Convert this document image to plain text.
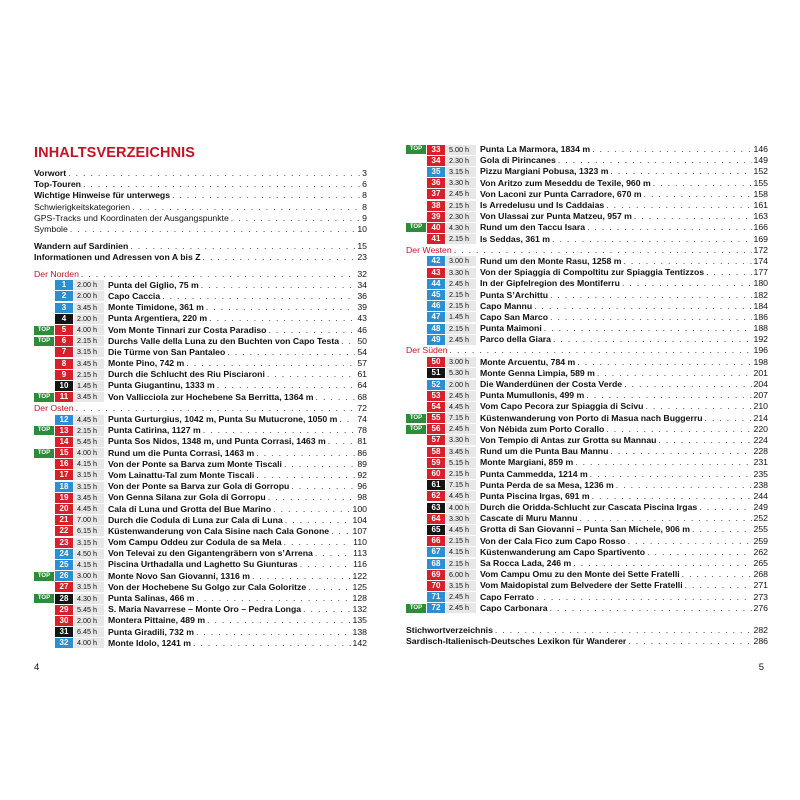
INHALTSVERZEICHNIS
Vorwort . . .	3
Top-Touren . . .	6
Wichtige Hinweise für unterwegs . . .	8
Schwierigkeitskategorien . . .	8
GPS-Tracks und Koordinaten der Ausgangspunkte . . .	9
Symbole . . .	10
Wandern auf Sardinien . . .	15
Informationen und Adressen von A bis Z . . .	23
Der Norden . . .	32
1	2.00 h	Punta del Giglio, 75 m . . .	34
2	2.00 h	Capo Caccia . . .	36
3	3.45 h	Monte Timidone, 361 m . . .	39
4	2.00 h	Punta Argentiera, 220 m . . .	43
TOP	5	4.00 h	Vom Monte Tinnari zur Costa Paradiso . . .	46
TOP	6	2.15 h	Durchs Valle della Luna zu den Buchten von Capo Testa . . . 50
7	3.15 h	Die Türme von San Pantaleo . . .	54
8	3.45 h	Monte Pino, 742 m . . .	57
9	2.15 h	Durch die Schlucht des Riu Pisciaroni . . .	61
10	1.45 h	Punta Giugantinu, 1333 m . . .	64
TOP	11	3.45 h	Von Vallicciola zur Hochebene Sa Berritta, 1364 m . . .	68
Der Osten . . .	72
12	4.45 h	Punta Gurturgius, 1042 m, Punta Su Mutucrone, 1050 m . . . 74
TOP	13	2.15 h	Punta Catirina, 1127 m . . .	78
14	5.45 h	Punta Sos Nidos, 1348 m, und Punta Corrasi, 1463 m . . .	81
TOP	15	4.00 h	Rund um die Punta Corrasi, 1463 m . . .	86
16	4.15 h	Von der Ponte sa Barva zum Monte Tiscali . . .	89
17	3.15 h	Vom Lainattu-Tal zum Monte Tiscali . . .	92
18	3.15 h	Von der Ponte sa Barva zur Gola di Gorropu . . .	96
19	3.45 h	Von Genna Silana zur Gola di Gorropu . . .	98
20	4.45 h	Cala di Luna und Grotta del Bue Marino . . .	100
21	7.00 h	Durch die Codula di Luna zur Cala di Luna . . .	104
22	6.15 h	Küstenwanderung von Cala Sisine nach Cala Gonone . . .	107
23	3.15 h	Vom Campu Oddeu zur Codula de sa Mela . . .	110
24	4.50 h	Von Televai zu den Gigantengräbern von s’Arrena . . .	113
25	4.15 h	Piscina Urthadalla und Laghetto Su Giunturas . . .	116
TOP	26	3.00 h	Monte Novo San Giovanni, 1316 m . . .	122
27	3.15 h	Von der Hochebene Su Golgo zur Cala Goloritze . . .	125
TOP	28	4.30 h	Punta Salinas, 466 m . . .	128
29	5.45 h	S. Maria Navarrese – Monte Oro – Pedra Longa . . .	132
30	2.00 h	Montera Pittaine, 489 m . . .	135
31	6.45 h	Punta Giradili, 732 m . . .	138
32	4.00 h	Monte Idolo, 1241 m . . .	142
4
TOP	33	5.00 h	Punta La Marmora, 1834 m . . .	146
34	2.30 h	Gola di Pirincanes . . .	149
35	3.15 h	Pizzu Margiani Pobusa, 1323 m . . .	152
36	3.30 h	Von Aritzo zum Meseddu de Texile, 960 m . . .	155
37	2.45 h	Von Laconi zur Punta Carradore, 670 m . . .	158
38	2.15 h	Is Arredelusu und Is Caddaias . . .	161
39	2.30 h	Von Ulassai zur Punta Matzeu, 957 m . . .	163
TOP	40	4.30 h	Rund um den Taccu Isara . . .	166
41	2.15 h	Is Seddas, 361 m . . .	169
Der Westen . . .	172
42	3.00 h	Rund um den Monte Rasu, 1258 m . . .	174
43	3.30 h	Von der Spiaggia di Compoltitu zur Spiaggia Tentizzos . . .	177
44	2.45 h	In der Gipfelregion des Montiferru . . .	180
45	2.15 h	Punta S’Archittu . . .	182
46	2.15 h	Capo Mannu . . .	184
47	1.45 h	Capo San Marco . . .	186
48	2.15 h	Punta Maimoni . . .	188
49	2.45 h	Parco della Giara . . .	192
Der Süden . . .	196
50	3.00 h	Monte Arcuentu, 784 m . . .	198
51	5.30 h	Monte Genna Lìmpia, 589 m . . .	201
52	2.00 h	Die Wanderdünen der Costa Verde . . .	204
53	2.45 h	Punta Mumullonis, 499 m . . .	207
54	4.45 h	Vom Capo Pecora zur Spiaggia di Scivu . . .	210
TOP	55	7.15 h	Küstenwanderung von Porto di Masua nach Buggerru . . .	214
TOP	56	2.45 h	Von Nébida zum Porto Corallo . . .	220
57	3.30 h	Von Tempio di Antas zur Grotta su Mannau . . .	224
58	3.45 h	Rund um die Punta Bau Mannu . . .	228
59	5.15 h	Monte Margiani, 859 m . . .	231
60	2.15 h	Punta Cammedda, 1214 m . . .	235
61	7.15 h	Punta Perda de sa Mesa, 1236 m . . .	238
62	4.45 h	Punta Piscina Irgas, 691 m . . .	244
63	4.00 h	Durch die Oridda-Schlucht zur Cascata Piscina Irgas . . .	249
64	3.30 h	Cascate di Muru Mannu . . .	252
65	4.45 h	Grotta di San Giovanni – Punta San Michele, 906 m . . .	255
66	2.15 h	Von der Cala Fico zum Capo Rosso . . .	259
67	4.15 h	Küstenwanderung am Capo Spartivento . . .	262
68	2.15 h	Sa Rocca Lada, 246 m . . .	265
69	6.00 h	Vom Campu Omu zu den Monte dei Sette Fratelli . . .	268
70	3.15 h	Vom Maidopistal zum Belvedere der Sette Fratelli . . .	271
71	2.45 h	Capo Ferrato . . .	273
TOP	72	2.45 h	Capo Carbonara . . .	276
Stichwortverzeichnis . . .	282
Sardisch-Italienisch-Deutsches Lexikon für Wanderer . . .	286
5
